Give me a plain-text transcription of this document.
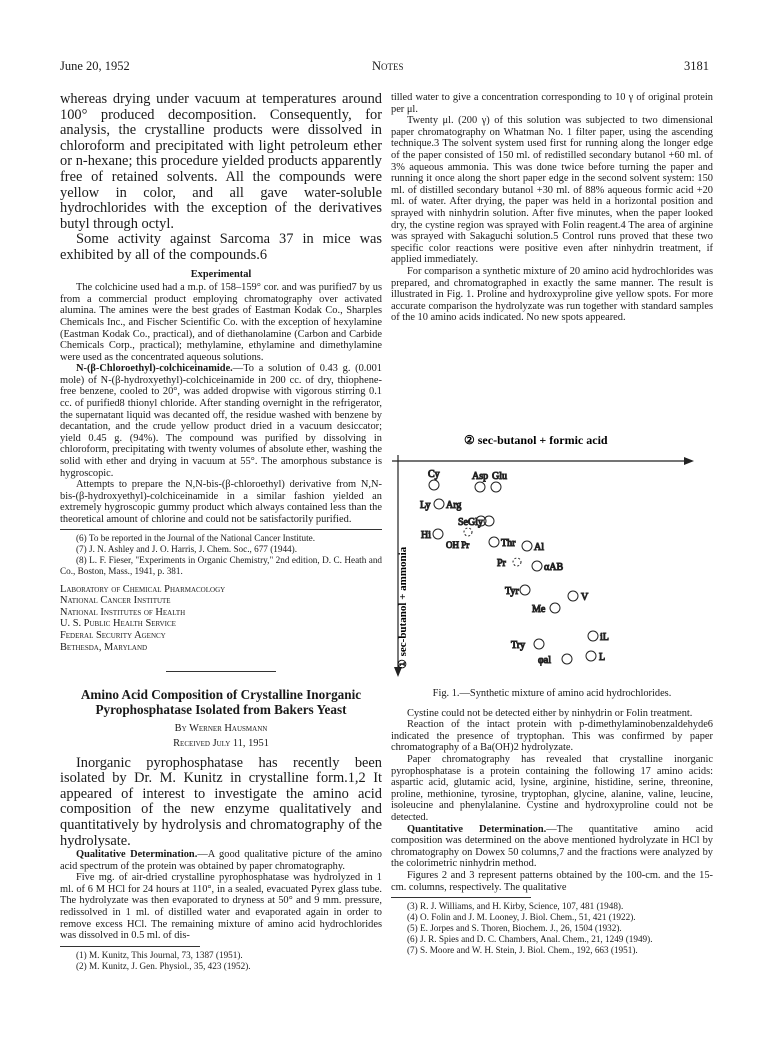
June 20, 1952	Notes	3181

whereas drying under vacuum at temperatures around 100° produced decomposition. Consequently, for analysis, the crystalline products were dissolved in chloroform and precipitated with light petroleum ether or n-hexane; this procedure yielded products apparently free of retained solvents. All the compounds were yellow in color, and all gave water-soluble hydrochlorides with the exception of the derivatives butyl through octyl.

Some activity against Sarcoma 37 in mice was exhibited by all of the compounds.6

Experimental

The colchicine used had a m.p. of 158–159° cor. and was purified7 by us from a commercial product employing chromatography over activated alumina. The amines were the best grades of Eastman Kodak Co., Sharples Chemicals Inc., and Fischer Scientific Co. with the exception of hexylamine (Eastman Kodak Co., practical), and of diethanolamine (Carbon and Carbide Chemicals Corp., practical); methylamine, ethylamine and dimethylamine were used as the concentrated aqueous solutions.

N-(β-Chloroethyl)-colchiceinamide.—To a solution of 0.43 g. (0.001 mole) of N-(β-hydroxyethyl)-colchiceinamide in 200 cc. of dry, thiophene-free benzene, cooled to 20°, was added dropwise with vigorous stirring 0.1 cc. of purified8 thionyl chloride. After standing overnight in the refrigerator, the supernatant liquid was decanted off, the residue washed with benzene by decantation, and the crude yellow product dried in a vacuum desiccator; yield 0.45 g. (94%). The compound was purified by dissolving in chloroform, precipitating with twenty volumes of absolute ether, washing the solid with ether and drying in vacuum at 55°. The amorphous substance is hygroscopic.

Attempts to prepare the N,N-bis-(β-chloroethyl) derivative from N,N-bis-(β-hydroxyethyl)-colchiceinamide in a similar fashion yielded an extremely hygroscopic gummy product which always contained less than the theoretical amount of chlorine and could not be satisfactorily purified.

(6) To be reported in the Journal of the National Cancer Institute.

(7) J. N. Ashley and J. O. Harris, J. Chem. Soc., 677 (1944).

(8) L. F. Fieser, "Experiments in Organic Chemistry," 2nd edition, D. C. Heath and Co., Boston, Mass., 1941, p. 381.

Laboratory of Chemical Pharmacology
National Cancer Institute
National Institutes of Health
U. S. Public Health Service
Federal Security Agency
Bethesda, Maryland

Amino Acid Composition of Crystalline Inorganic Pyrophosphatase Isolated from Bakers Yeast

By Werner Hausmann

Received July 11, 1951

Inorganic pyrophosphatase has recently been isolated by Dr. M. Kunitz in crystalline form.1,2 It appeared of interest to investigate the amino acid composition of the new enzyme qualitatively and quantitatively by hydrolysis and chromatography of the hydrolysate.

Qualitative Determination.—A good qualitative picture of the amino acid spectrum of the protein was obtained by paper chromatography.

Five mg. of air-dried crystalline pyrophosphatase was hydrolyzed in 1 ml. of 6 M HCl for 24 hours at 110°, in a sealed, evacuated Pyrex glass tube. The hydrolyzate was then evaporated to dryness at 50° and 9 mm. pressure, redissolved in 1 ml. of distilled water and evaporated again in order to remove excess HCl. The remaining mixture of amino acid hydrochlorides was dissolved in 0.5 ml. of dis-

(1) M. Kunitz, This Journal, 73, 1387 (1951).

(2) M. Kunitz, J. Gen. Physiol., 35, 423 (1952).

tilled water to give a concentration corresponding to 10 γ of original protein per μl.

Twenty μl. (200 γ) of this solution was subjected to two dimensional paper chromatography on Whatman No. 1 filter paper, using the ascending technique.3 The solvent system used first for running along the longer edge of the paper consisted of 150 ml. of redistilled secondary butanol +60 ml. of 3% aqueous ammonia. This was done twice before turning the paper and running it once along the short paper edge in the second solvent system: 150 ml. of distilled secondary butanol +30 ml. of 88% aqueous formic acid +20 ml. of water. After drying, the paper was held in a horizontal position and sprayed with ninhydrin solution. After five minutes, when the paper looked dry, the cystine region was sprayed with Folin reagent.4 The area of arginine was sprayed with Sakaguchi solution.5 Control runs proved that these two specific color reactions were positive even after ninhydrin treatment, if applied immediately.

For comparison a synthetic mixture of 20 amino acid hydrochlorides was prepared, and chromatographed in exactly the same manner. The result is illustrated in Fig. 1. Proline and hydroxyproline give yellow spots. For more accurate comparison the hydrolyzate was run together with standard samples of the 10 amino acids indicated. No new spots appeared.

② sec-butanol + formic acid
① sec-butanol + ammonia
Cy	Asp Glu
Ly Arg
SeGly
Hi
OH Pr	Thr Al
Pr	αAB
Tyr
V
Me
iL
Try
L
φal

Fig. 1.—Synthetic mixture of amino acid hydrochlorides.

Cystine could not be detected either by ninhydrin or Folin treatment.

Reaction of the intact protein with p-dimethylaminobenzaldehyde6 indicated the presence of tryptophan. This was confirmed by paper chromatography of a Ba(OH)2 hydrolyzate.

Paper chromatography has revealed that crystalline inorganic pyrophosphatase is a protein containing the following 17 amino acids: aspartic acid, glutamic acid, lysine, arginine, histidine, serine, threonine, proline, methionine, tyrosine, tryptophan, glycine, alanine, valine, leucine, isoleucine and phenylalanine. Cystine and hydroxyproline could not be detected.

Quantitative Determination.—The quantitative amino acid composition was determined on the above mentioned hydrolyzate in HCl by chromatography on Dowex 50 columns,7 and the fractions were analyzed by the colorimetric ninhydrin method.

Figures 2 and 3 represent patterns obtained by the 100-cm. and the 15-cm. columns, respectively. The qualitative

(3) R. J. Williams, and H. Kirby, Science, 107, 481 (1948).

(4) O. Folin and J. M. Looney, J. Biol. Chem., 51, 421 (1922).

(5) E. Jorpes and S. Thoren, Biochem. J., 26, 1504 (1932).

(6) J. R. Spies and D. C. Chambers, Anal. Chem., 21, 1249 (1949).

(7) S. Moore and W. H. Stein, J. Biol. Chem., 192, 663 (1951).
